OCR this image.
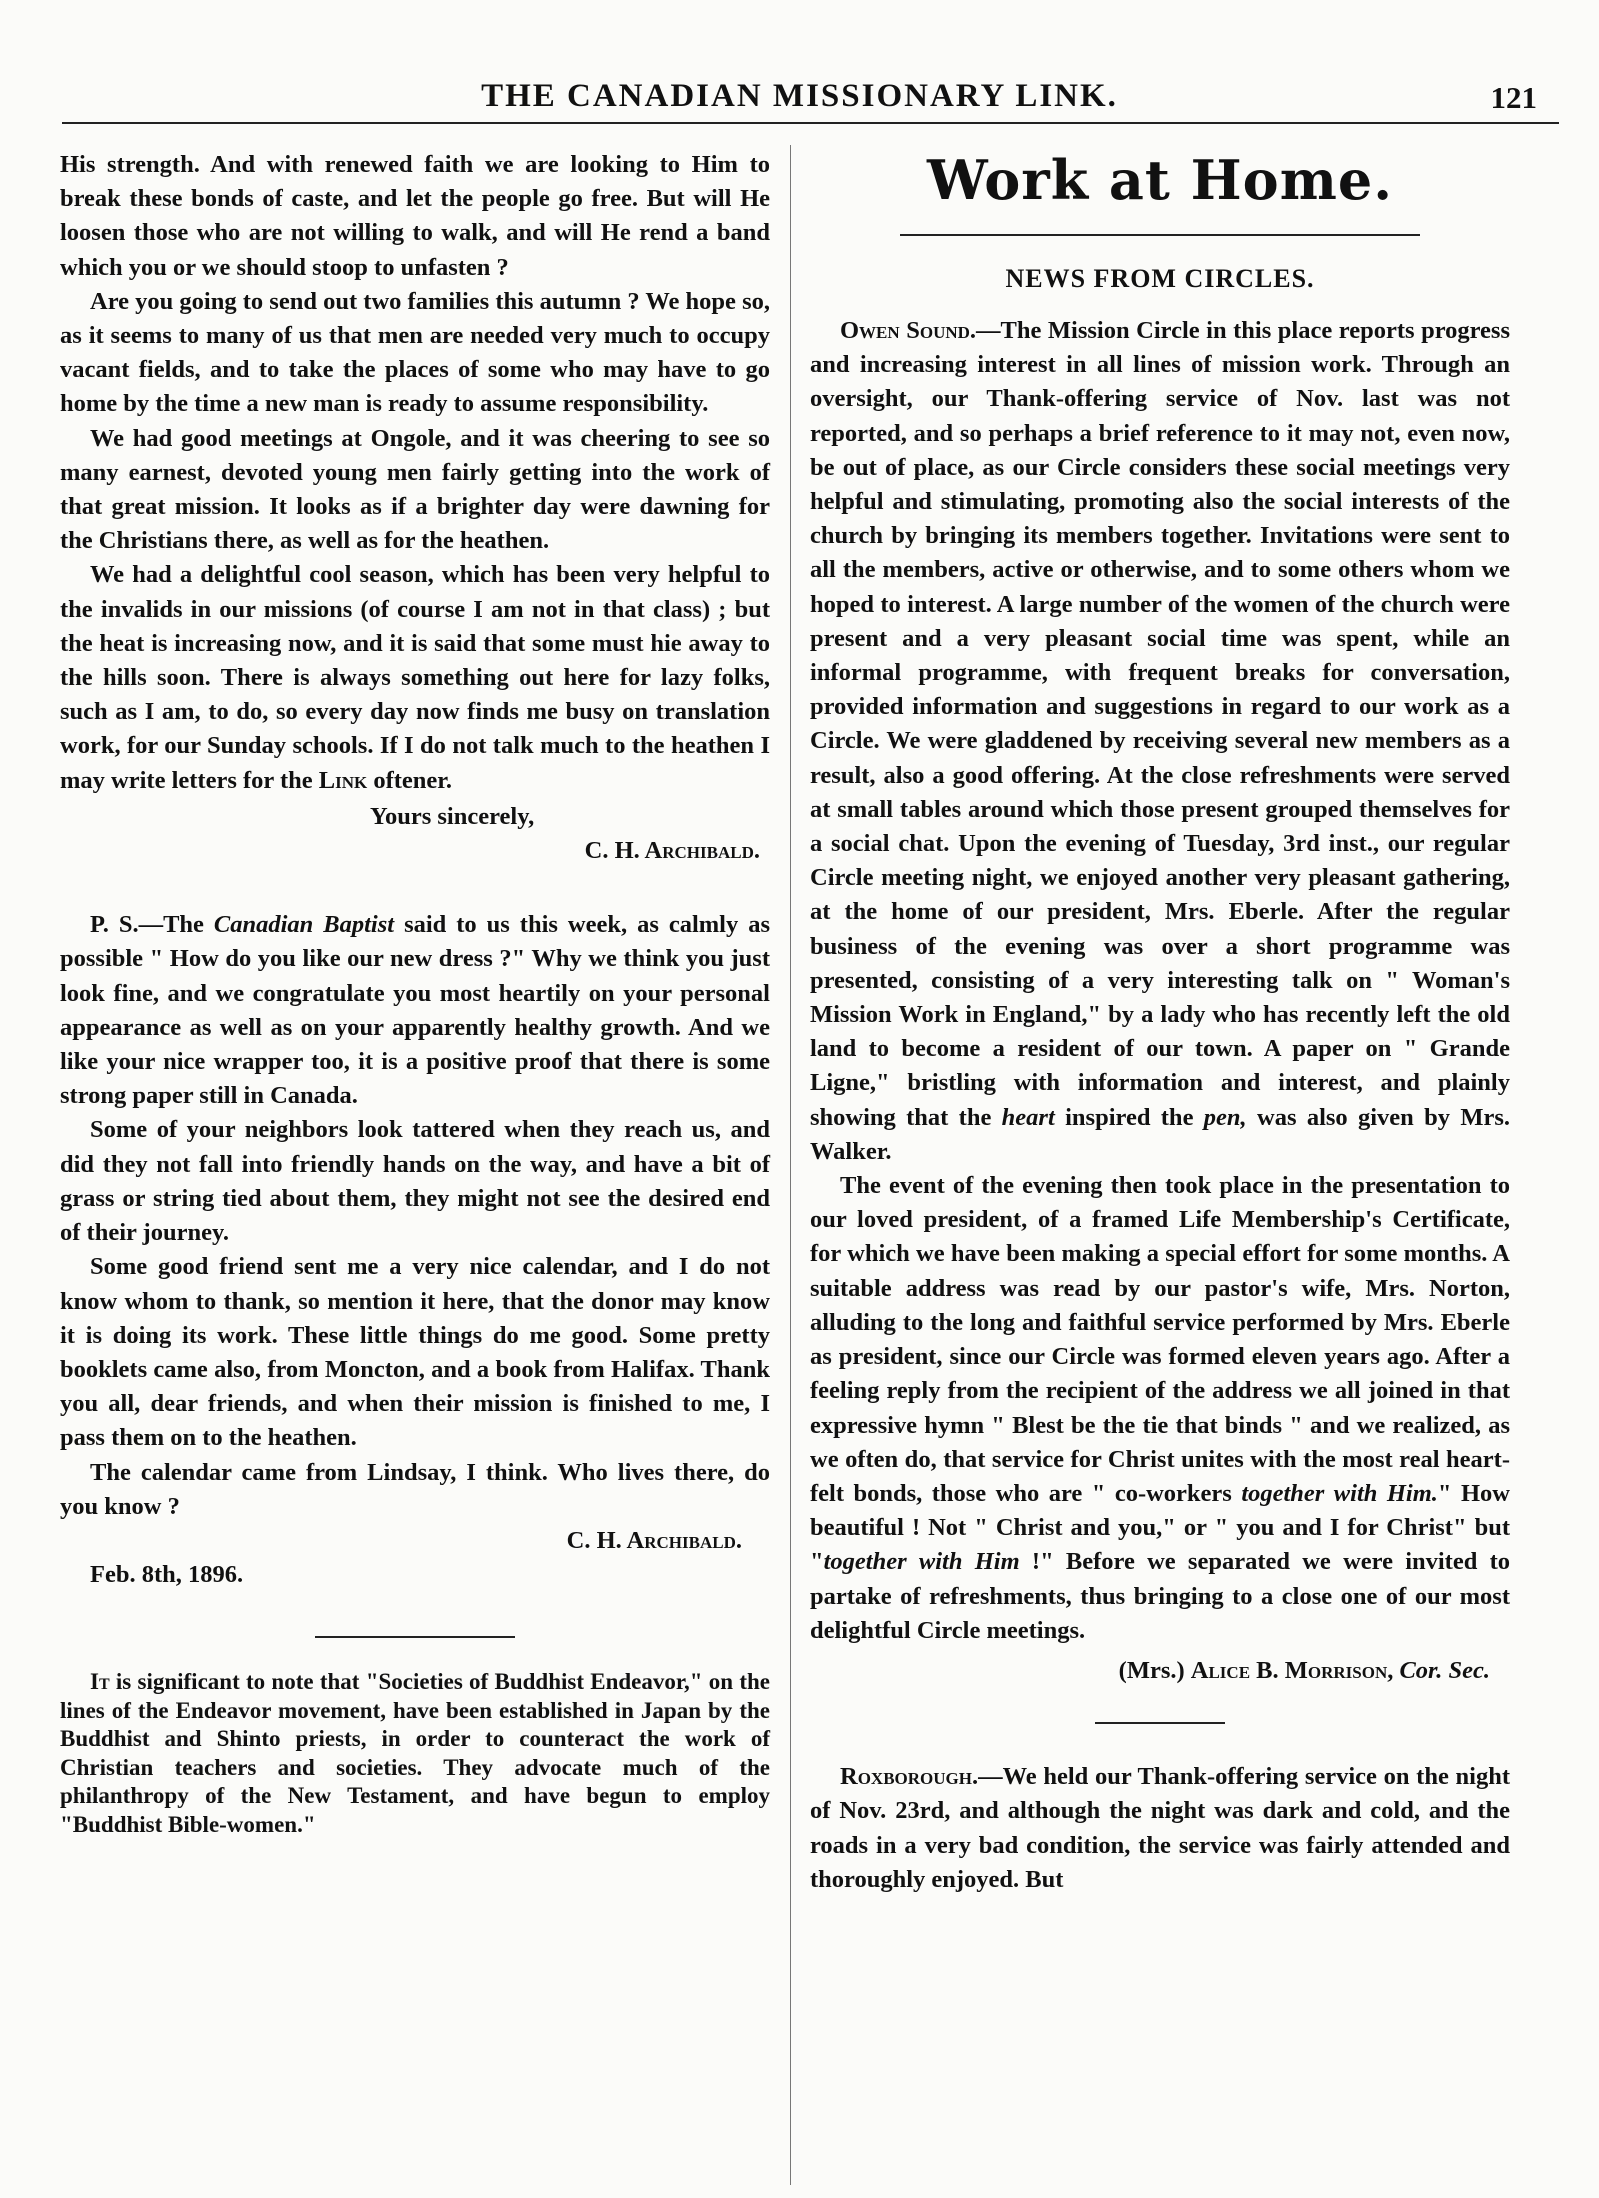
THE CANADIAN MISSIONARY LINK.	121

His strength. And with renewed faith we are looking to Him to break these bonds of caste, and let the people go free. But will He loosen those who are not willing to walk, and will He rend a band which you or we should stoop to unfasten ?

Are you going to send out two families this autumn ? We hope so, as it seems to many of us that men are needed very much to occupy vacant fields, and to take the places of some who may have to go home by the time a new man is ready to assume responsibility.

We had good meetings at Ongole, and it was cheering to see so many earnest, devoted young men fairly getting into the work of that great mission. It looks as if a brighter day were dawning for the Christians there, as well as for the heathen.

We had a delightful cool season, which has been very helpful to the invalids in our missions (of course I am not in that class) ; but the heat is increasing now, and it is said that some must hie away to the hills soon. There is always something out here for lazy folks, such as I am, to do, so every day now finds me busy on translation work, for our Sunday schools. If I do not talk much to the heathen I may write letters for the Link oftener.

Yours sincerely,

C. H. Archibald.

P. S.—The Canadian Baptist said to us this week, as calmly as possible " How do you like our new dress ?" Why we think you just look fine, and we congratulate you most heartily on your personal appearance as well as on your apparently healthy growth. And we like your nice wrapper too, it is a positive proof that there is some strong paper still in Canada.

Some of your neighbors look tattered when they reach us, and did they not fall into friendly hands on the way, and have a bit of grass or string tied about them, they might not see the desired end of their journey.

Some good friend sent me a very nice calendar, and I do not know whom to thank, so mention it here, that the donor may know it is doing its work. These little things do me good. Some pretty booklets came also, from Moncton, and a book from Halifax. Thank you all, dear friends, and when their mission is finished to me, I pass them on to the heathen.

The calendar came from Lindsay, I think. Who lives there, do you know ?

C. H. Archibald.

Feb. 8th, 1896.

It is significant to note that "Societies of Buddhist Endeavor," on the lines of the Endeavor movement, have been established in Japan by the Buddhist and Shinto priests, in order to counteract the work of Christian teachers and societies. They advocate much of the philanthropy of the New Testament, and have begun to employ "Buddhist Bible-women."

Work at Home.
NEWS FROM CIRCLES.

Owen Sound.—The Mission Circle in this place reports progress and increasing interest in all lines of mission work. Through an oversight, our Thank-offering service of Nov. last was not reported, and so perhaps a brief reference to it may not, even now, be out of place, as our Circle considers these social meetings very helpful and stimulating, promoting also the social interests of the church by bringing its members together. Invitations were sent to all the members, active or otherwise, and to some others whom we hoped to interest. A large number of the women of the church were present and a very pleasant social time was spent, while an informal programme, with frequent breaks for conversation, provided information and suggestions in regard to our work as a Circle. We were gladdened by receiving several new members as a result, also a good offering. At the close refreshments were served at small tables around which those present grouped themselves for a social chat. Upon the evening of Tuesday, 3rd inst., our regular Circle meeting night, we enjoyed another very pleasant gathering, at the home of our president, Mrs. Eberle. After the regular business of the evening was over a short programme was presented, consisting of a very interesting talk on " Woman's Mission Work in England," by a lady who has recently left the old land to become a resident of our town. A paper on " Grande Ligne," bristling with information and interest, and plainly showing that the heart inspired the pen, was also given by Mrs. Walker.

The event of the evening then took place in the presentation to our loved president, of a framed Life Membership's Certificate, for which we have been making a special effort for some months. A suitable address was read by our pastor's wife, Mrs. Norton, alluding to the long and faithful service performed by Mrs. Eberle as president, since our Circle was formed eleven years ago. After a feeling reply from the recipient of the address we all joined in that expressive hymn " Blest be the tie that binds " and we realized, as we often do, that service for Christ unites with the most real heart-felt bonds, those who are " co-workers together with Him." How beautiful ! Not " Christ and you," or " you and I for Christ" but "together with Him !" Before we separated we were invited to partake of refreshments, thus bringing to a close one of our most delightful Circle meetings.

(Mrs.) Alice B. Morrison, Cor. Sec.

Roxborough.—We held our Thank-offering service on the night of Nov. 23rd, and although the night was dark and cold, and the roads in a very bad condition, the service was fairly attended and thoroughly enjoyed. But
